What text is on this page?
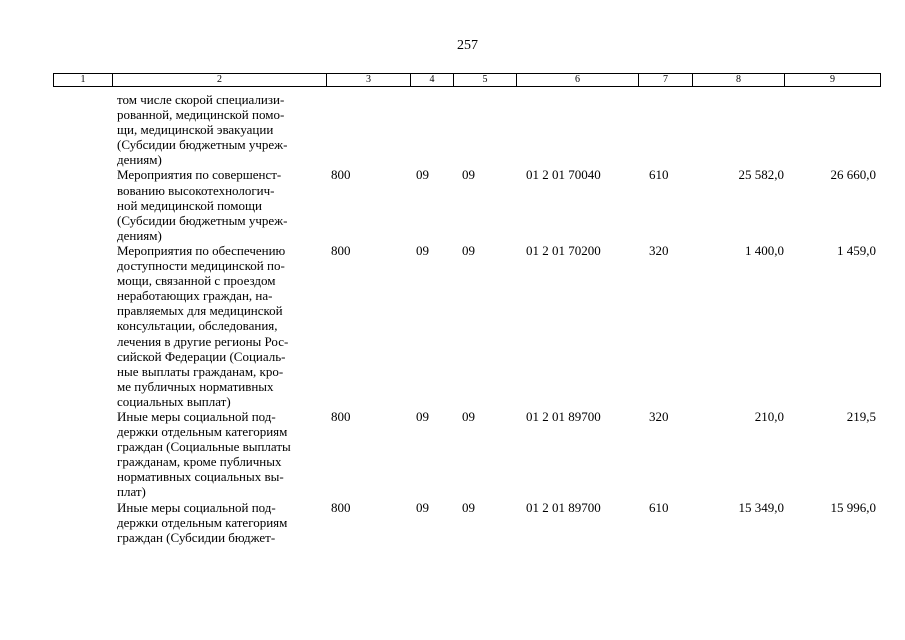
257
1	2	3	4	5	6	7	8	9
том числе скорой специализи-
рованной, медицинской помо-
щи, медицинской эвакуации
(Субсидии бюджетным учреж-
дениям)
Мероприятия по совершенст-
вованию высокотехнологич-
ной медицинской помощи
(Субсидии бюджетным учреж-
дениям)
800	09	09	01 2 01 70040	610	25 582,0	26 660,0
Мероприятия по обеспечению
доступности медицинской по-
мощи, связанной с проездом
неработающих граждан, на-
правляемых для медицинской
консультации, обследования,
лечения в другие регионы Рос-
сийской Федерации (Социаль-
ные выплаты гражданам, кро-
ме публичных нормативных
социальных выплат)
800	09	09	01 2 01 70200	320	1 400,0	1 459,0
Иные меры социальной под-
держки отдельным категориям
граждан (Социальные выплаты
гражданам, кроме публичных
нормативных социальных вы-
плат)
800	09	09	01 2 01 89700	320	210,0	219,5
Иные меры социальной под-
держки отдельным категориям
граждан (Субсидии бюджет-
800	09	09	01 2 01 89700	610	15 349,0	15 996,0
